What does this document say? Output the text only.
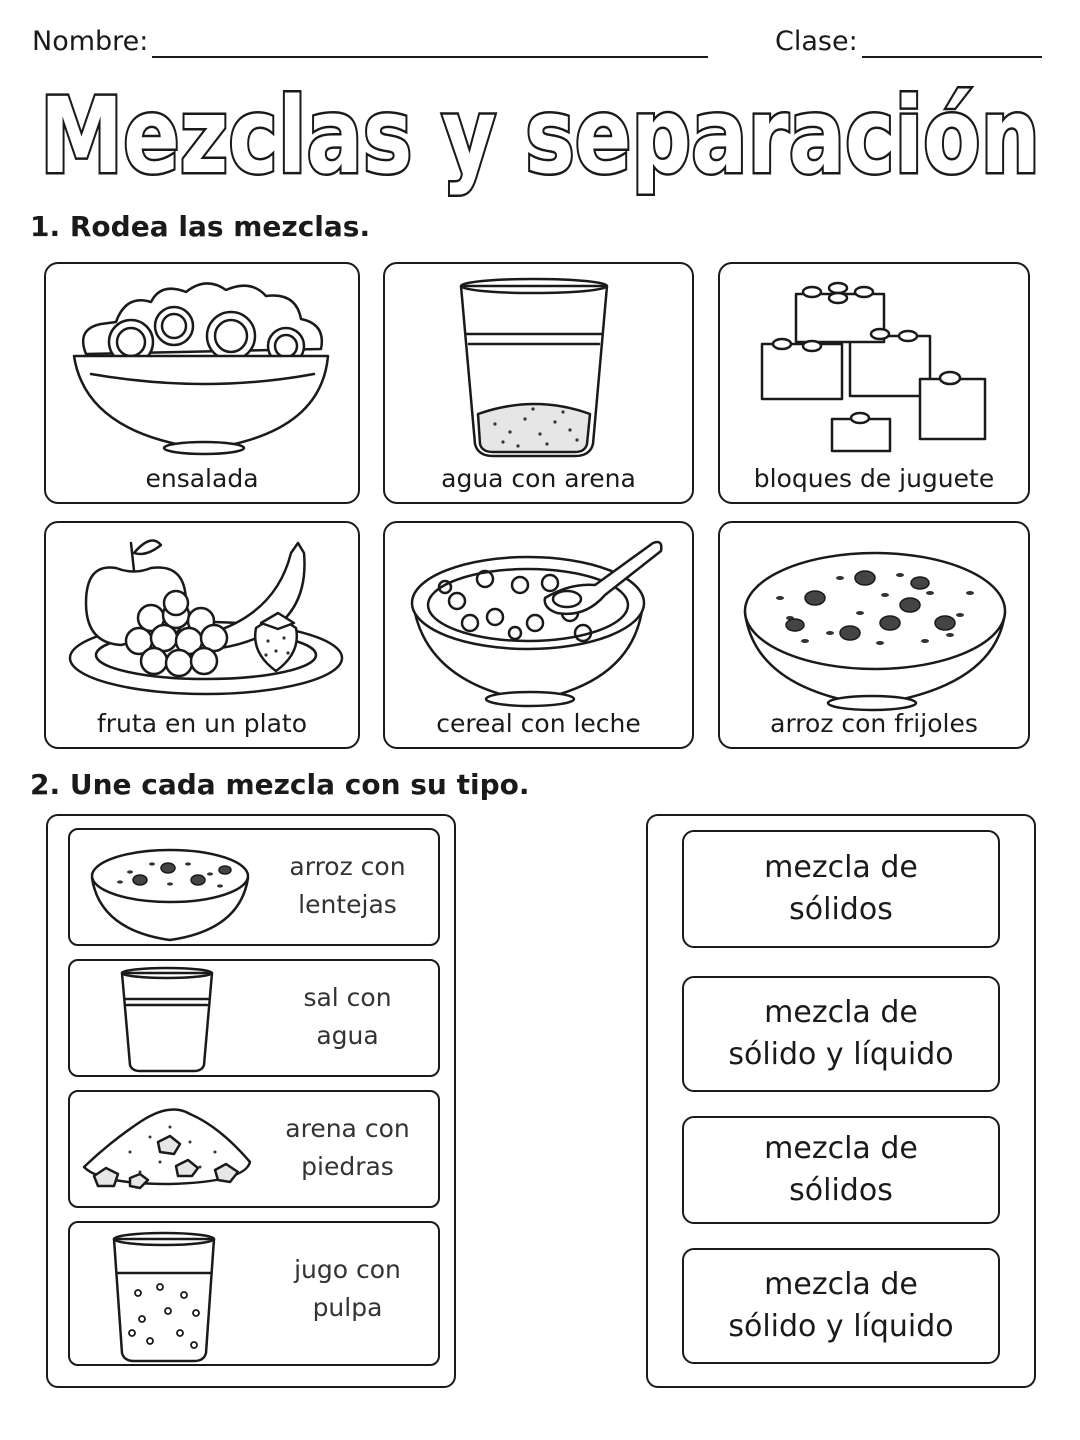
Nombre:	Clase:
Mezclas y separación
1. Rodea las mezclas.
ensalada	agua con arena	bloques de juguete
fruta en un plato	cereal con leche	arroz con frijoles
2. Une cada mezcla con su tipo.
arroz con
lentejas
sal con
agua
arena con
piedras
jugo con
pulpa
mezcla de
sólidos
mezcla de
sólido y líquido
mezcla de
sólidos
mezcla de
sólido y líquido
